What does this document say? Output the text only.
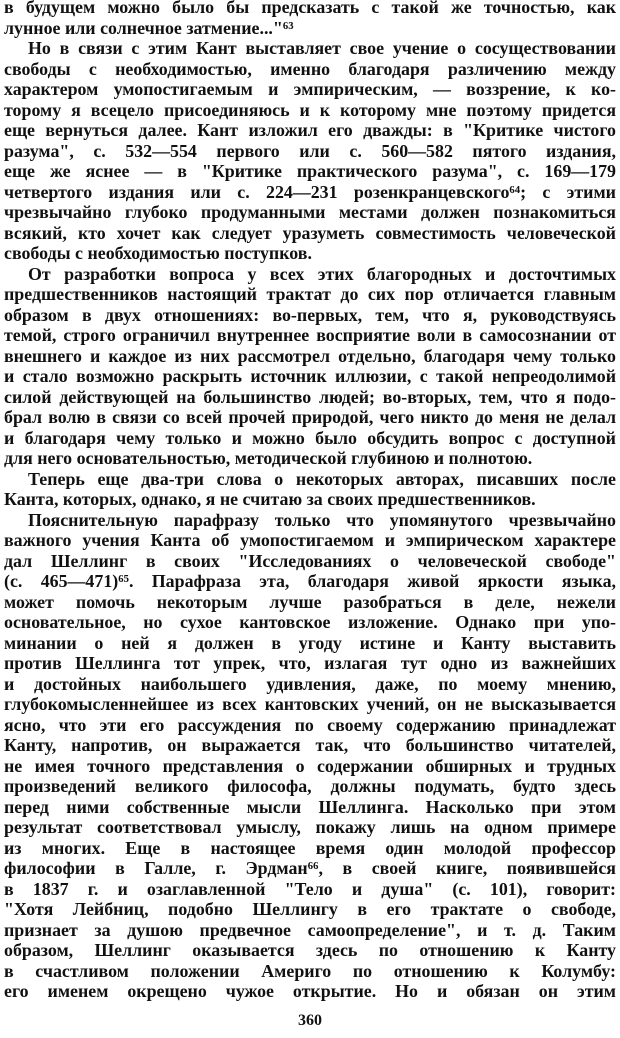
в будущем можно было бы предсказать с такой же точностью, как
лунное или солнечное затмение..."⁶³
Но в связи с этим Кант выставляет свое учение о сосуществовании
свободы с необходимостью, именно благодаря различению между
характером умопостигаемым и эмпирическим, — воззрение, к ко-
торому я всецело присоединяюсь и к которому мне поэтому придется
еще вернуться далее. Кант изложил его дважды: в "Критике чистого
разума", с. 532—554 первого или с. 560—582 пятого издания,
еще же яснее — в "Критике практического разума", с. 169—179
четвертого издания или с. 224—231 розенкранцевского⁶⁴; с этими
чрезвычайно глубоко продуманными местами должен познакомиться
всякий, кто хочет как следует уразуметь совместимость человеческой
свободы с необходимостью поступков.
От разработки вопроса у всех этих благородных и досточтимых
предшественников настоящий трактат до сих пор отличается главным
образом в двух отношениях: во-первых, тем, что я, руководствуясь
темой, строго ограничил внутреннее восприятие воли в самосознании от
внешнего и каждое из них рассмотрел отдельно, благодаря чему только
и стало возможно раскрыть источник иллюзии, с такой непреодолимой
силой действующей на большинство людей; во-вторых, тем, что я подо-
брал волю в связи со всей прочей природой, чего никто до меня не делал
и благодаря чему только и можно было обсудить вопрос с доступной
для него основательностью, методической глубиною и полнотою.
Теперь еще два-три слова о некоторых авторах, писавших после
Канта, которых, однако, я не считаю за своих предшественников.
Пояснительную парафразу только что упомянутого чрезвычайно
важного учения Канта об умопостигаемом и эмпирическом характере
дал Шеллинг в своих "Исследованиях о человеческой свободе"
(с. 465—471)⁶⁵. Парафраза эта, благодаря живой яркости языка,
может помочь некоторым лучше разобраться в деле, нежели
основательное, но сухое кантовское изложение. Однако при упо-
минании о ней я должен в угоду истине и Канту выставить
против Шеллинга тот упрек, что, излагая тут одно из важнейших
и достойных наибольшего удивления, даже, по моему мнению,
глубокомысленнейшее из всех кантовских учений, он не высказывается
ясно, что эти его рассуждения по своему содержанию принадлежат
Канту, напротив, он выражается так, что большинство читателей,
не имея точного представления о содержании обширных и трудных
произведений великого философа, должны подумать, будто здесь
перед ними собственные мысли Шеллинга. Насколько при этом
результат соответствовал умыслу, покажу лишь на одном примере
из многих. Еще в настоящее время один молодой профессор
философии в Галле, г. Эрдман⁶⁶, в своей книге, появившейся
в 1837 г. и озаглавленной "Тело и душа" (с. 101), говорит:
"Хотя Лейбниц, подобно Шеллингу в его трактате о свободе,
признает за душою предвечное самоопределение", и т. д. Таким
образом, Шеллинг оказывается здесь по отношению к Канту
в счастливом положении Америго по отношению к Колумбу:
его именем окрещено чужое открытие. Но и обязан он этим
360
